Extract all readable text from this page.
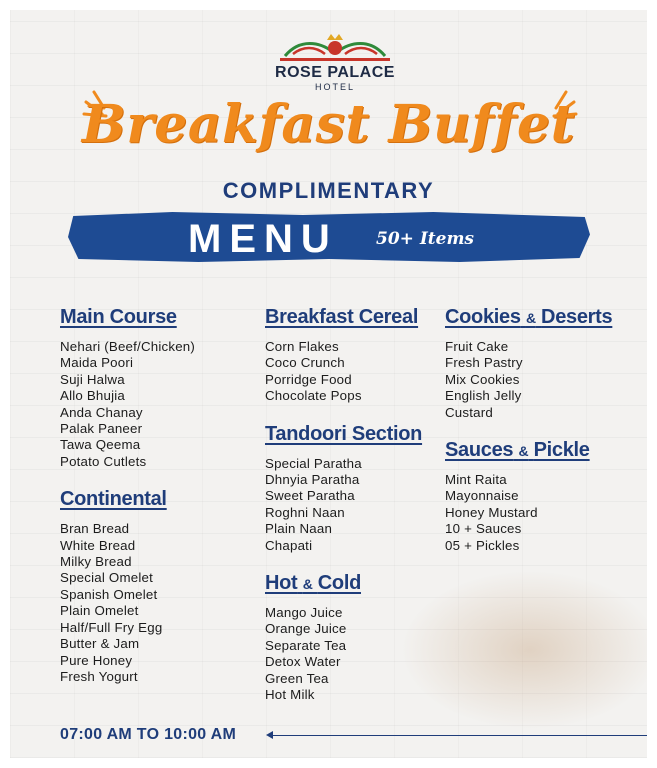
ROSE PALACE
HOTEL
Breakfast Buffet
COMPLIMENTARY
MENU 50+ Items
Main Course
Nehari (Beef/Chicken)
Maida Poori
Suji Halwa
Allo Bhujia
Anda Chanay
Palak Paneer
Tawa Qeema
Potato Cutlets
Continental
Bran Bread
White Bread
Milky Bread
Special Omelet
Spanish Omelet
Plain Omelet
Half/Full Fry Egg
Butter & Jam
Pure Honey
Fresh Yogurt
Breakfast Cereal
Corn Flakes
Coco Crunch
Porridge Food
Chocolate Pops
Tandoori Section
Special Paratha
Dhnyia Paratha
Sweet Paratha
Roghni Naan
Plain Naan
Chapati
Hot & Cold
Mango Juice
Orange Juice
Separate Tea
Detox Water
Green Tea
Hot Milk
Cookies & Deserts
Fruit Cake
Fresh Pastry
Mix Cookies
English Jelly
Custard
Sauces & Pickle
Mint Raita
Mayonnaise
Honey Mustard
10 + Sauces
05 + Pickles
07:00 AM TO 10:00 AM
